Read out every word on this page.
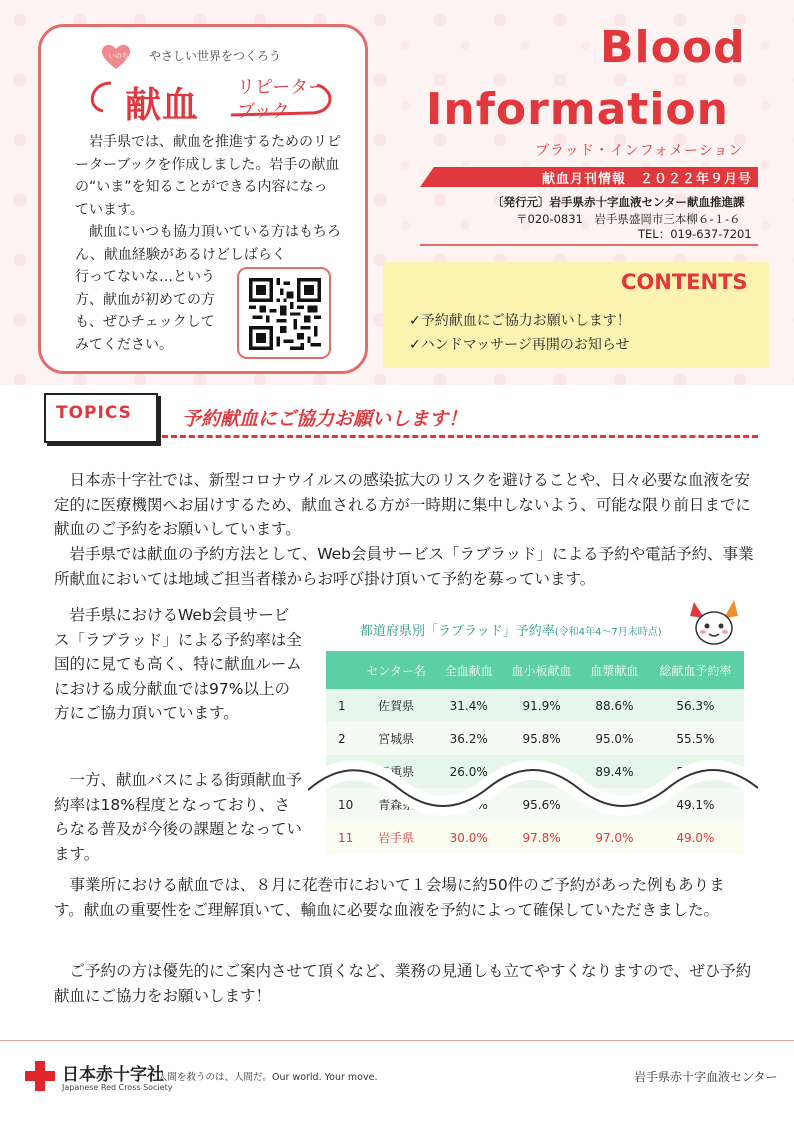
いのち やさしい世界をつくろう
献血 リピーター
ブック

岩手県では、献血を推進するためのリピーターブックを作成しました。岩手の献血の“いま”を知ることができる内容になっています。

献血にいつも協力頂いている方はもちろん、献血経験があるけどしばらく

行ってないな…という方、献血が初めての方も、ぜひチェックしてみてください。
Blood
Information
ブラッド・インフォメーション
献血月刊情報　２０２２年９月号
〔発行元〕岩手県赤十字血液センター献血推進課
〒020-0831　岩手県盛岡市三本柳６-１-６
TEL：019-637-7201
CONTENTS
✓予約献血にご協力お願いします！
✓ハンドマッサージ再開のお知らせ
TOPICS	予約献血にご協力お願いします！

日本赤十字社では、新型コロナウイルスの感染拡大のリスクを避けることや、日々必要な血液を安定的に医療機関へお届けするため、献血される方が一時期に集中しないよう、可能な限り前日までに献血のご予約をお願いしています。

岩手県では献血の予約方法として、Web会員サービス「ラブラッド」による予約や電話予約、事業所献血においては地域ご担当者様からお呼び掛け頂いて予約を募っています。

岩手県におけるWeb会員サービス「ラブラッド」による予約率は全国的に見ても高く、特に献血ルームにおける成分献血では97%以上の方にご協力頂いています。

一方、献血バスによる街頭献血予約率は18%程度となっており、さらなる普及が今後の課題となっています。

事業所における献血では、８月に花巻市において１会場に約50件のご予約があった例もあります。献血の重要性をご理解頂いて、輸血に必要な血液を予約によって確保していただきました。

ご予約の方は優先的にご案内させて頂くなど、業務の見通しも立てやすくなりますので、ぜひ予約献血にご協力をお願いします！

都道府県別「ラブラッド」予約率(令和4年4～7月末時点)
	センター名	全血献血	血小板献血	血漿献血	総献血予約率
1	佐賀県	31.4%	91.9%	88.6%	56.3%
2	宮城県	36.2%	95.8%	95.0%	55.5%
3	三重県	26.0%	90.4%	89.4%	52.5%
10	青森県	29.9%	95.6%	94.0%	49.1%
11	岩手県	30.0%	97.8%	97.0%	49.0%
日本赤十字社
Japanese Red Cross Society
人間を救うのは、人間だ。Our world. Your move.	岩手県赤十字血液センター
